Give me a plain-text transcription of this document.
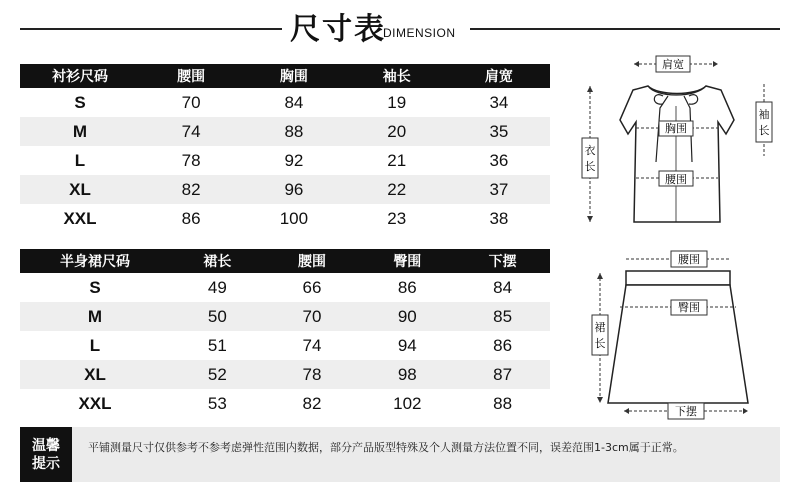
尺寸表
DIMENSION
衬衫尺码	腰围	胸围	袖长	肩宽
S	70	84	19	34
M	74	88	20	35
L	78	92	21	36
XL	82	96	22	37
XXL	86	100	23	38
半身裙尺码	裙长	腰围	臀围	下摆
S	49	66	86	84
M	50	70	90	85
L	51	74	94	86
XL	52	78	98	87
XXL	53	82	102	88
肩宽
胸围
腰围
衣长
袖长
腰围
臀围
裙长
下摆
温馨提示
平铺测量尺寸仅供参考不参考虑弹性范围内数据，部分产品版型特殊及个人测量方法位置不同，误差范围1-3cm属于正常。
